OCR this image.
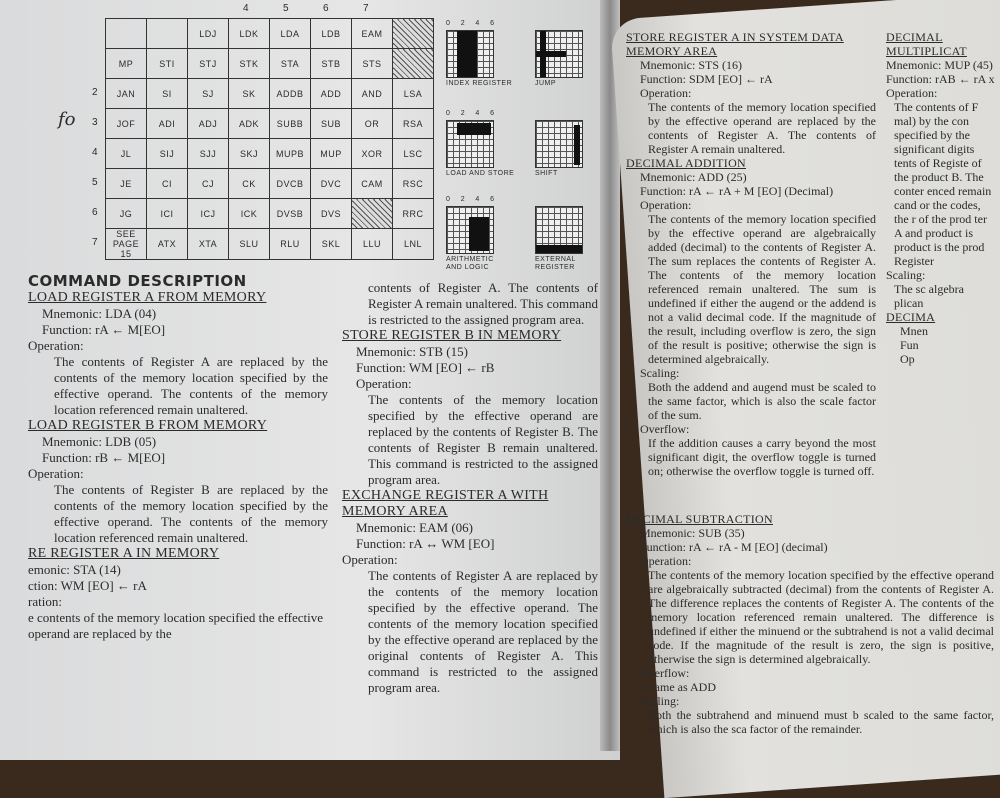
2
3
4
5
6
7
4	5	6	7
fo
		LDJ	LDK	LDA	LDB	EAM	
MP	STI	STJ	STK	STA	STB	STS	
JAN	SI	SJ	SK	ADDB	ADD	AND	LSA
JOF	ADI	ADJ	ADK	SUBB	SUB	OR	RSA
JL	SIJ	SJJ	SKJ	MUPB	MUP	XOR	LSC
JE	CI	CJ	CK	DVCB	DVC	CAM	RSC
JG	ICI	ICJ	ICK	DVSB	DVS		RRC
SEE PAGE 15	ATX	XTA	SLU	RLU	SKL	LLU	LNL
0 2 4 6
INDEX REGISTER
0 2 4 6
LOAD AND STORE
0 2 4 6
ARITHMETIC AND LOGIC
JUMP
SHIFT
EXTERNAL REGISTER
COMMAND DESCRIPTION
LOAD REGISTER A FROM MEMORY
Mnemonic: LDA (04)
Function: rA ← M[EO]
Operation:
The contents of Register A are replaced by the contents of the memory location specified by the effective operand. The contents of the memory location referenced remain unaltered.
LOAD REGISTER B FROM MEMORY
Mnemonic: LDB (05)
Function: rB ← M[EO]
Operation:
The contents of Register B are replaced by the contents of the memory location specified by the effective operand. The contents of the memory location referenced remain unaltered.
RE REGISTER A IN MEMORY
emonic: STA (14)
ction: WM [EO] ← rA
ration:
e contents of the memory location specified the effective operand are replaced by the
contents of Register A. The contents of Register A remain unaltered. This command is restricted to the assigned program area.
STORE REGISTER B IN MEMORY
Mnemonic: STB (15)
Function: WM [EO] ← rB
Operation:
The contents of the memory location specified by the effective operand are replaced by the contents of Register B. The contents of Register B remain unaltered. This command is restricted to the assigned program area.
EXCHANGE REGISTER A WITH MEMORY AREA
Mnemonic: EAM (06)
Function: rA ↔ WM [EO]
Operation:
The contents of Register A are replaced by the contents of the memory location specified by the effective operand. The contents of the memory location specified by the effective operand are replaced by the original contents of Register A. This command is restricted to the assigned program area.
STORE REGISTER A IN SYSTEM DATA MEMORY AREA
Mnemonic: STS (16)
Function: SDM [EO] ← rA
Operation:
The contents of the memory location specified by the effective operand are replaced by the contents of Register A. The contents of Register A remain unaltered.
DECIMAL ADDITION
Mnemonic: ADD (25)
Function: rA ← rA + M [EO] (Decimal)
Operation:
The contents of the memory location specified by the effective operand are algebraically added (decimal) to the contents of Register A. The sum replaces the contents of Register A. The contents of the memory location referenced remain unaltered. The sum is undefined if either the augend or the addend is not a valid decimal code. If the magnitude of the result, including overflow is zero, the sign of the result is positive; otherwise the sign is determined algebraically.
Scaling:
Both the addend and augend must be scaled to the same factor, which is also the scale factor of the sum.
Overflow:
If the addition causes a carry beyond the most significant digit, the overflow toggle is turned on; otherwise the overflow toggle is turned off.
DECIMAL SUBTRACTION
Mnemonic: SUB (35)
Function: rA ← rA - M [EO] (decimal)
Operation:
The contents of the memory location specified by the effective operand are algebraically subtracted (decimal) from the contents of Register A. The difference replaces the contents of Register A. The contents of the memory location referenced remain unaltered. The difference is undefined if either the minuend or the subtrahend is not a valid decimal code. If the magnitude of the result is zero, the sign is positive, otherwise the sign is determined algebraically.
Overflow:
Same as ADD
Scaling:
Both the subtrahend and minuend must b scaled to the same factor, which is also the sca factor of the remainder.
DECIMAL MULTIPLICAT
Mnemonic: MUP (45)
Function: rAB ← rA x
Operation:
The contents of F mal) by the con specified by the significant digits tents of Registe of the product B. The conter enced remain cand or the codes, the r of the prod ter A and product is product is the prod Register
Scaling:
The sc algebra plican
DECIMA
Mnen
Fun
Op
